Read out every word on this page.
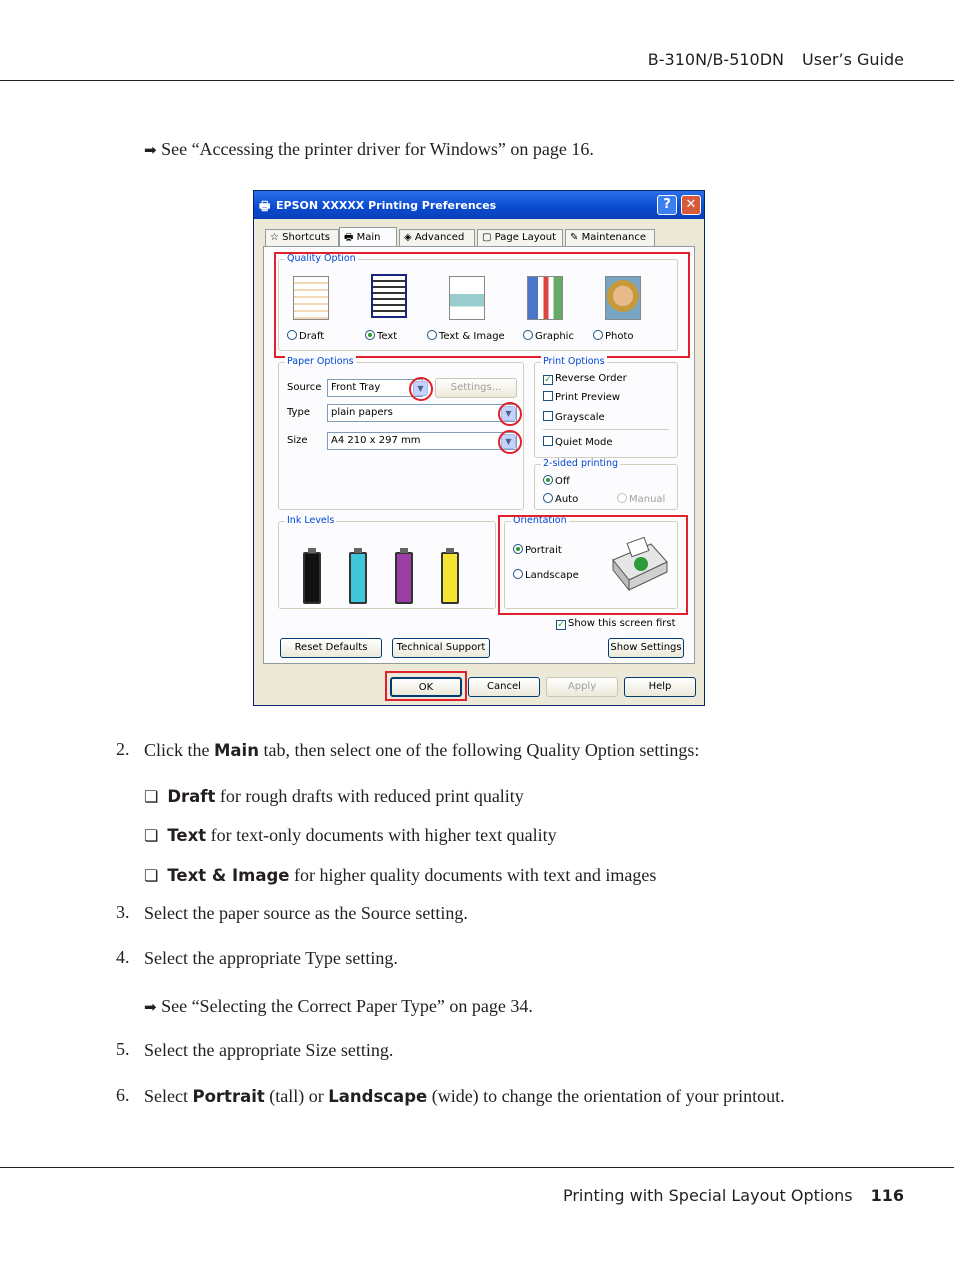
B-310N/B-510DN User’s Guide
➡ See “Accessing the printer driver for Windows” on page 16.
🖶 EPSON XXXXX Printing Preferences	?	✕
☆ Shortcuts	🖶 Main	◈ Advanced	▢ Page Layout	✎ Maintenance
Quality Option
Draft	Text	Text & Image	Graphic	Photo
Paper Options
Source Front Tray	▼	Settings...
Type	plain papers	▼
Size	A4 210 x 297 mm	▼
Print Options
✓ Reverse Order
Print Preview
Grayscale
Quiet Mode
2-sided printing
Off
Auto	Manual
Ink Levels	Orientation
Portrait
Landscape
✓ Show this screen first
Reset Defaults	Technical Support	Show Settings
OK	Cancel	Apply	Help
2. Click the Main tab, then select one of the following Quality Option settings:
❏ Draft for rough drafts with reduced print quality
❏ Text for text-only documents with higher text quality
❏ Text & Image for higher quality documents with text and images
3. Select the paper source as the Source setting.
4. Select the appropriate Type setting.
➡ See “Selecting the Correct Paper Type” on page 34.
5. Select the appropriate Size setting.
6. Select Portrait (tall) or Landscape (wide) to change the orientation of your printout.
Printing with Special Layout Options 116
